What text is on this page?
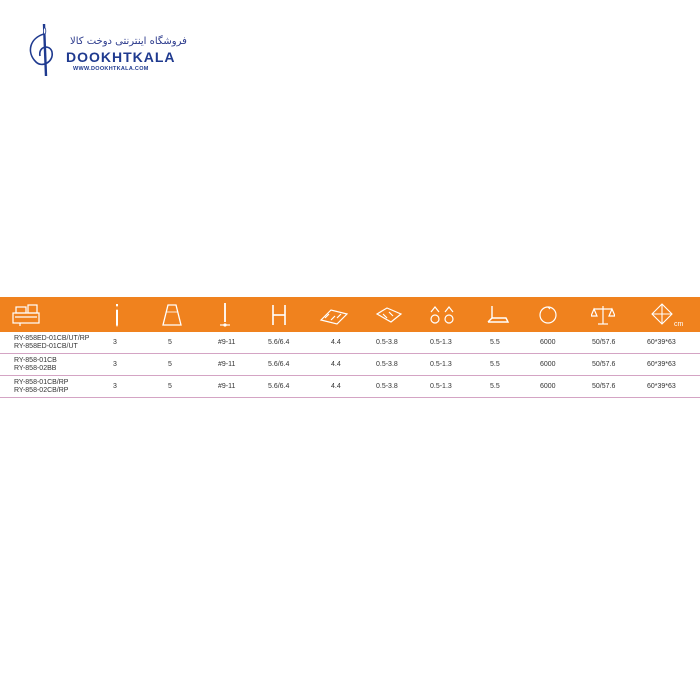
فروشگاه اینترنتی دوخت کالا
DOOKHTKALA
WWW.DOOKHTKALA.COM
cm
RY-858ED-01CB/UT/RP
RY-858ED-01CB/UT	3	5	#9-11	5.6/6.4	4.4	0.5-3.8	0.5-1.3	5.5	6000	50/57.6	60*39*63
RY-858-01CB
RY-858-02BB	3	5	#9-11	5.6/6.4	4.4	0.5-3.8	0.5-1.3	5.5	6000	50/57.6	60*39*63
RY-858-01CB/RP
RY-858-02CB/RP	3	5	#9-11	5.6/6.4	4.4	0.5-3.8	0.5-1.3	5.5	6000	50/57.6	60*39*63
